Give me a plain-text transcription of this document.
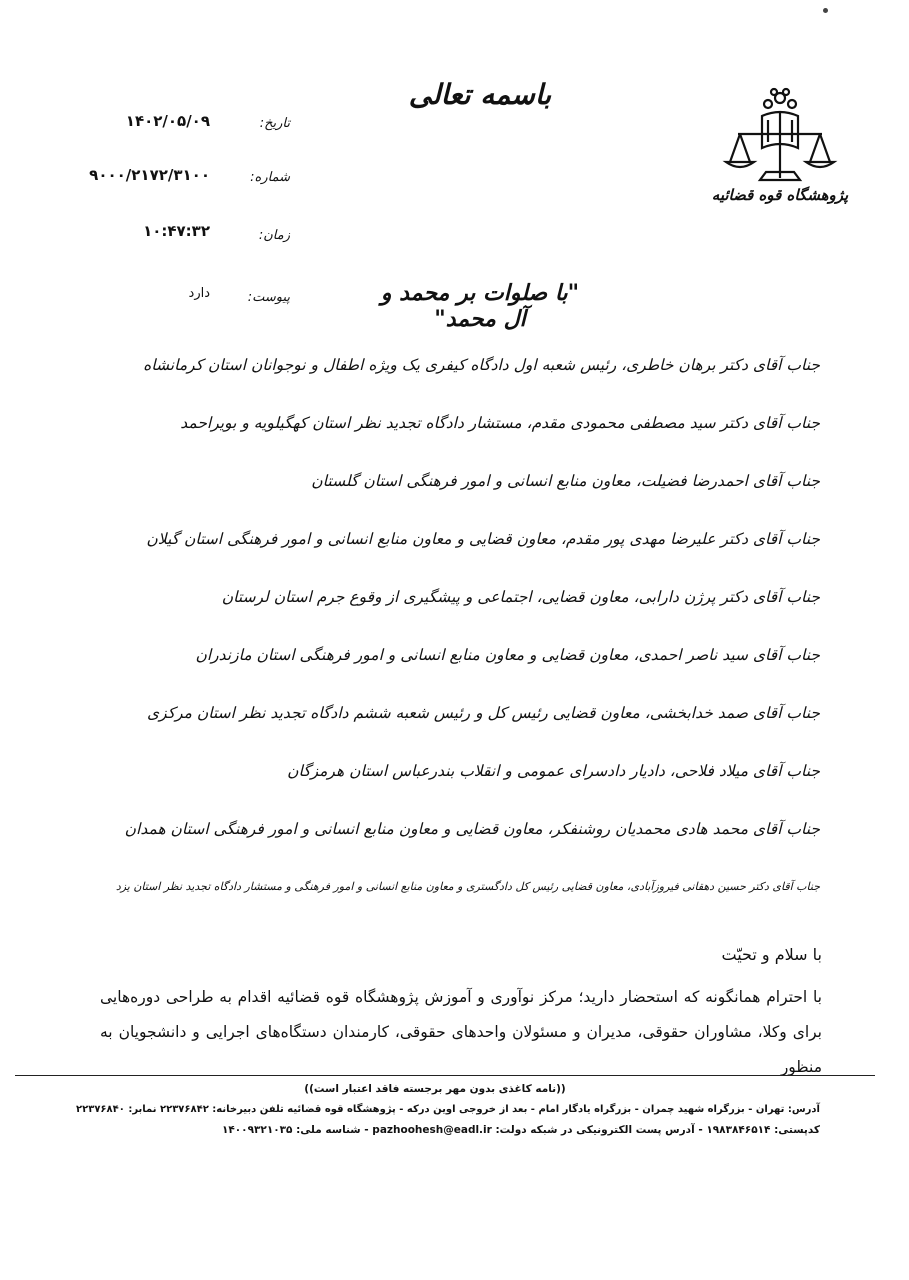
باسمه تعالی
پژوهشگاه قوه قضائیه
تاریخ:
۱۴۰۲/۰۵/۰۹
شماره:
۹۰۰۰/۲۱۷۲/۳۱۰۰
زمان:
۱۰:۴۷:۳۲
پیوست:
دارد	"با صلوات بر محمد و آل محمد"
جناب آقای دکتر برهان خاطری، رئیس شعبه اول دادگاه کیفری یک ویژه اطفال و نوجوانان استان کرمانشاه
جناب آقای دکتر سید مصطفی محمودی مقدم، مستشار دادگاه تجدید نظر استان کهگیلویه و بویراحمد
جناب آقای احمدرضا فضیلت، معاون منابع انسانی و امور فرهنگی استان گلستان
جناب آقای دکتر علیرضا مهدی پور مقدم، معاون قضایی و معاون منابع انسانی و امور فرهنگی استان گیلان
جناب آقای دکتر پرژن دارابی، معاون قضایی، اجتماعی و پیشگیری از وقوع جرم استان لرستان
جناب آقای سید ناصر احمدی، معاون قضایی و معاون منابع انسانی و امور فرهنگی استان مازندران
جناب آقای صمد خدابخشی، معاون قضایی رئیس کل و رئیس شعبه ششم دادگاه تجدید نظر استان مرکزی
جناب آقای میلاد فلاحی، دادیار دادسرای عمومی و انقلاب بندرعباس استان هرمزگان
جناب آقای محمد هادی محمدیان روشنفکر، معاون قضایی و معاون منابع انسانی و امور فرهنگی استان همدان
جناب آقای دکتر حسین دهقانی فیروزآبادی، معاون قضایی رئیس کل دادگستری و معاون منابع انسانی و امور فرهنگی و مستشار دادگاه تجدید نظر استان یزد
با سلام و تحیّت
با احترام همانگونه که استحضار دارید؛ مرکز نوآوری و آموزش پژوهشگاه قوه قضائیه اقدام به طراحی دوره‌هایی برای وکلا، مشاوران حقوقی، مدیران و مسئولان واحدهای حقوقی، کارمندان دستگاه‌های اجرایی و دانشجویان به منظور
((نامه کاغذی بدون مهر برجسته فاقد اعتبار است))
آدرس: تهران - بزرگراه شهید چمران - بزرگراه یادگار امام - بعد از خروجی اوین درکه - پژوهشگاه قوه قضائیه تلفن دبیرخانه: ۲۲۳۷۶۸۴۲ نمابر: ۲۲۳۷۶۸۴۰
کدپستی: ۱۹۸۳۸۴۶۵۱۴ - آدرس پست الکترونیکی در شبکه دولت: pazhoohesh@eadl.ir - شناسه ملی: ۱۴۰۰۹۳۲۱۰۳۵
